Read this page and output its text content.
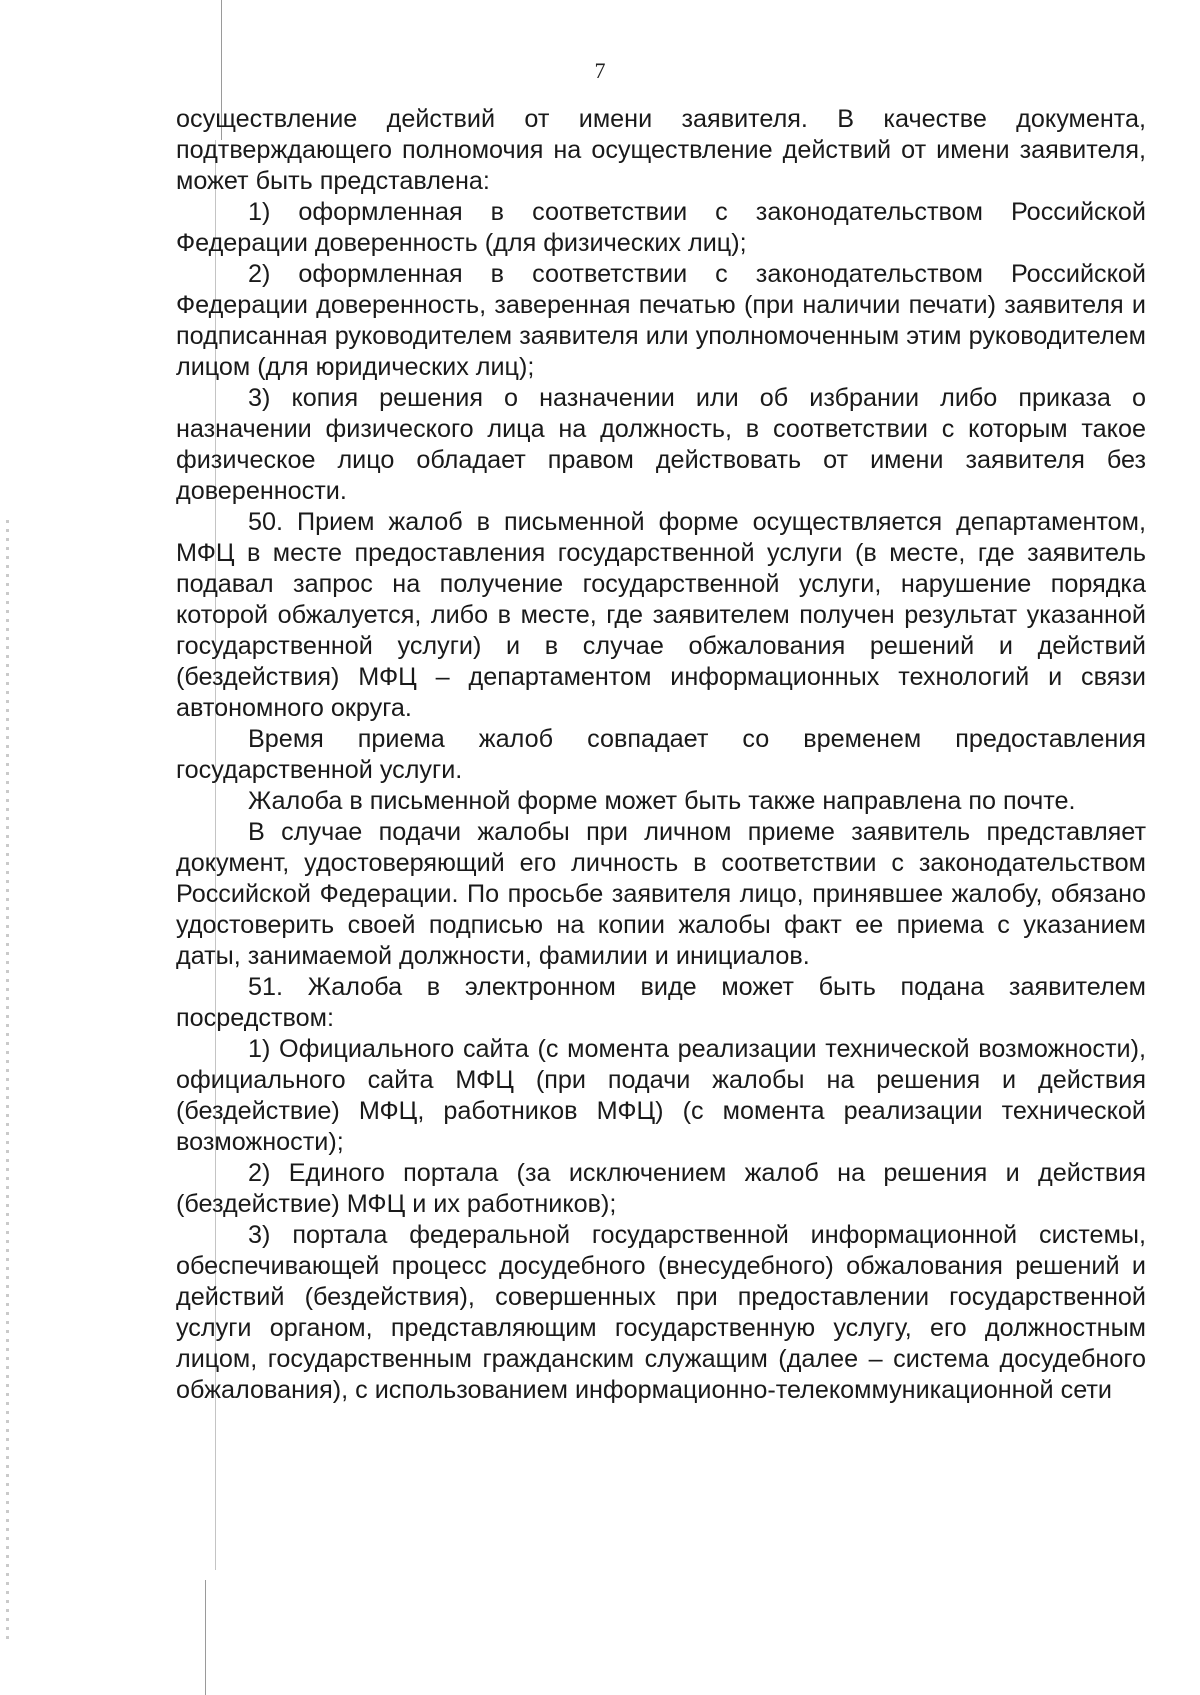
7

осуществление действий от имени заявителя. В качестве документа, подтверждающего полномочия на осуществление действий от имени заявителя, может быть представлена:

1) оформленная в соответствии с законодательством Российской Федерации доверенность (для физических лиц);

2) оформленная в соответствии с законодательством Российской Федерации доверенность, заверенная печатью (при наличии печати) заявителя и подписанная руководителем заявителя или уполномоченным этим руководителем лицом (для юридических лиц);

3) копия решения о назначении или об избрании либо приказа о назначении физического лица на должность, в соответствии с которым такое физическое лицо обладает правом действовать от имени заявителя без доверенности.

50. Прием жалоб в письменной форме осуществляется департаментом, МФЦ в месте предоставления государственной услуги (в месте, где заявитель подавал запрос на получение государственной услуги, нарушение порядка которой обжалуется, либо в месте, где заявителем получен результат указанной государственной услуги) и в случае обжалования решений и действий (бездействия) МФЦ – департаментом информационных технологий и связи автономного округа.

Время приема жалоб совпадает со временем предоставления государственной услуги.

Жалоба в письменной форме может быть также направлена по почте.

В случае подачи жалобы при личном приеме заявитель представляет документ, удостоверяющий его личность в соответствии с законодательством Российской Федерации. По просьбе заявителя лицо, принявшее жалобу, обязано удостоверить своей подписью на копии жалобы факт ее приема с указанием даты, занимаемой должности, фамилии и инициалов.

51. Жалоба в электронном виде может быть подана заявителем посредством:

1) Официального сайта (с момента реализации технической возможности), официального сайта МФЦ (при подачи жалобы на решения и действия (бездействие) МФЦ, работников МФЦ) (с момента реализации технической возможности);

2) Единого портала (за исключением жалоб на решения и действия (бездействие) МФЦ и их работников);

3) портала федеральной государственной информационной системы, обеспечивающей процесс досудебного (внесудебного) обжалования решений и действий (бездействия), совершенных при предоставлении государственной услуги органом, представляющим государственную услугу, его должностным лицом, государственным гражданским служащим (далее – система досудебного обжалования), с использованием информационно-телекоммуникационной сети
